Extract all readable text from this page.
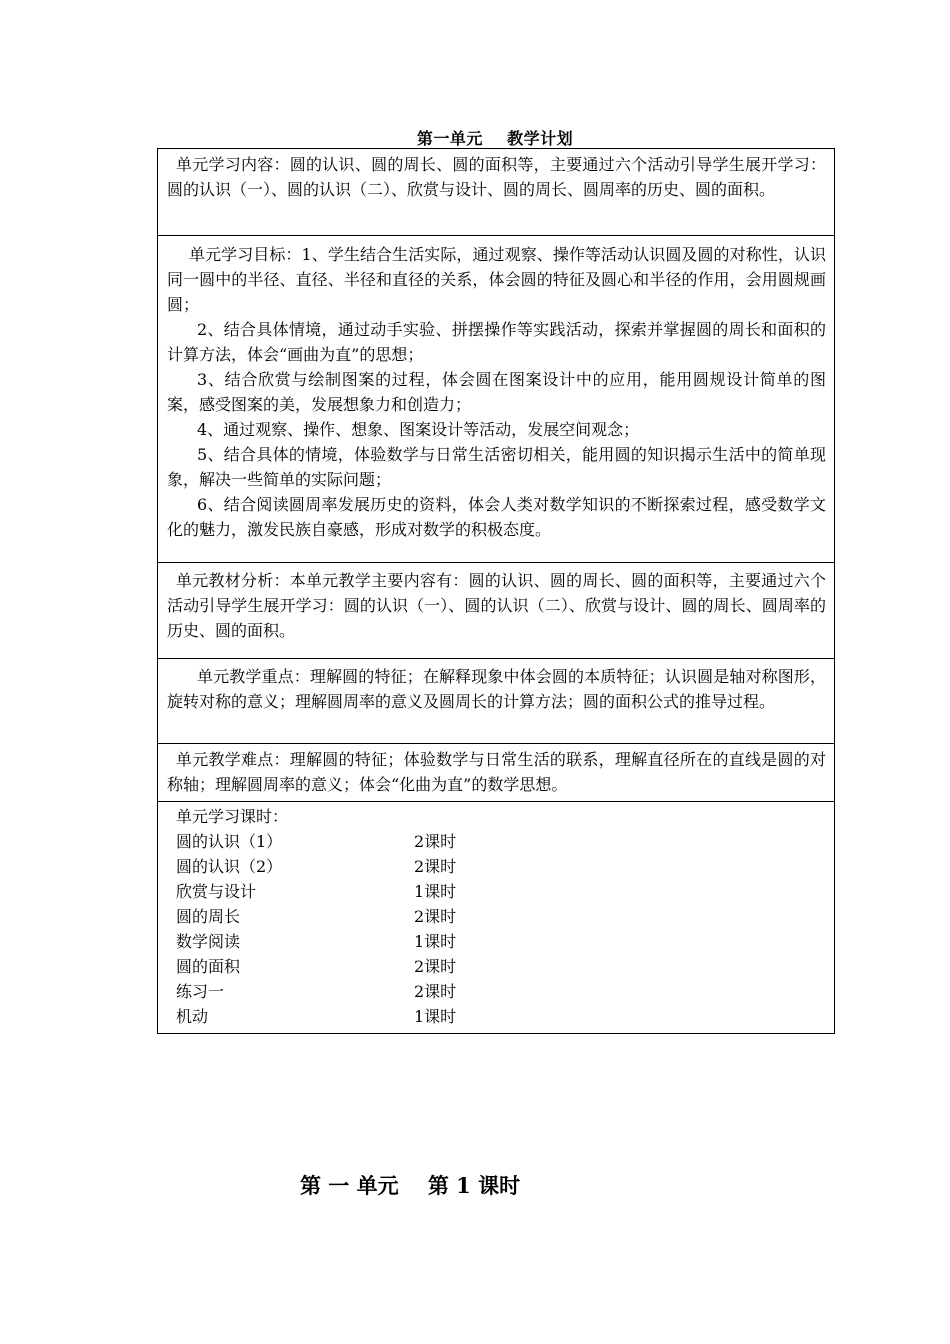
第一单元    教学计划

单元学习内容：圆的认识、圆的周长、圆的面积等，主要通过六个活动引导学生展开学习：圆的认识（一）、圆的认识（二）、欣赏与设计、圆的周长、圆周率的历史、圆的面积。

单元学习目标：1、学生结合生活实际，通过观察、操作等活动认识圆及圆的对称性，认识同一圆中的半径、直径、半径和直径的关系，体会圆的特征及圆心和半径的作用，会用圆规画圆；

2、结合具体情境，通过动手实验、拼摆操作等实践活动，探索并掌握圆的周长和面积的计算方法，体会“画曲为直”的思想；

3、结合欣赏与绘制图案的过程，体会圆在图案设计中的应用，能用圆规设计简单的图案，感受图案的美，发展想象力和创造力；

4、通过观察、操作、想象、图案设计等活动，发展空间观念；

5、结合具体的情境，体验数学与日常生活密切相关，能用圆的知识揭示生活中的简单现象，解决一些简单的实际问题；

6、结合阅读圆周率发展历史的资料，体会人类对数学知识的不断探索过程，感受数学文化的魅力，激发民族自豪感，形成对数学的积极态度。

单元教材分析：本单元教学主要内容有：圆的认识、圆的周长、圆的面积等，主要通过六个活动引导学生展开学习：圆的认识（一）、圆的认识（二）、欣赏与设计、圆的周长、圆周率的历史、圆的面积。

单元教学重点：理解圆的特征；在解释现象中体会圆的本质特征；认识圆是轴对称图形，旋转对称的意义；理解圆周率的意义及圆周长的计算方法；圆的面积公式的推导过程。

单元教学难点：理解圆的特征；体验数学与日常生活的联系，理解直径所在的直线是圆的对称轴；理解圆周率的意义；体会“化曲为直”的数学思想。

单元学习课时：
圆的认识（1）	2课时
圆的认识（2）	2课时
欣赏与设计	1课时
圆的周长	2课时
数学阅读	1课时
圆的面积	2课时
练习一	2课时
机动	1课时
第 一 单元    第 1 课时
